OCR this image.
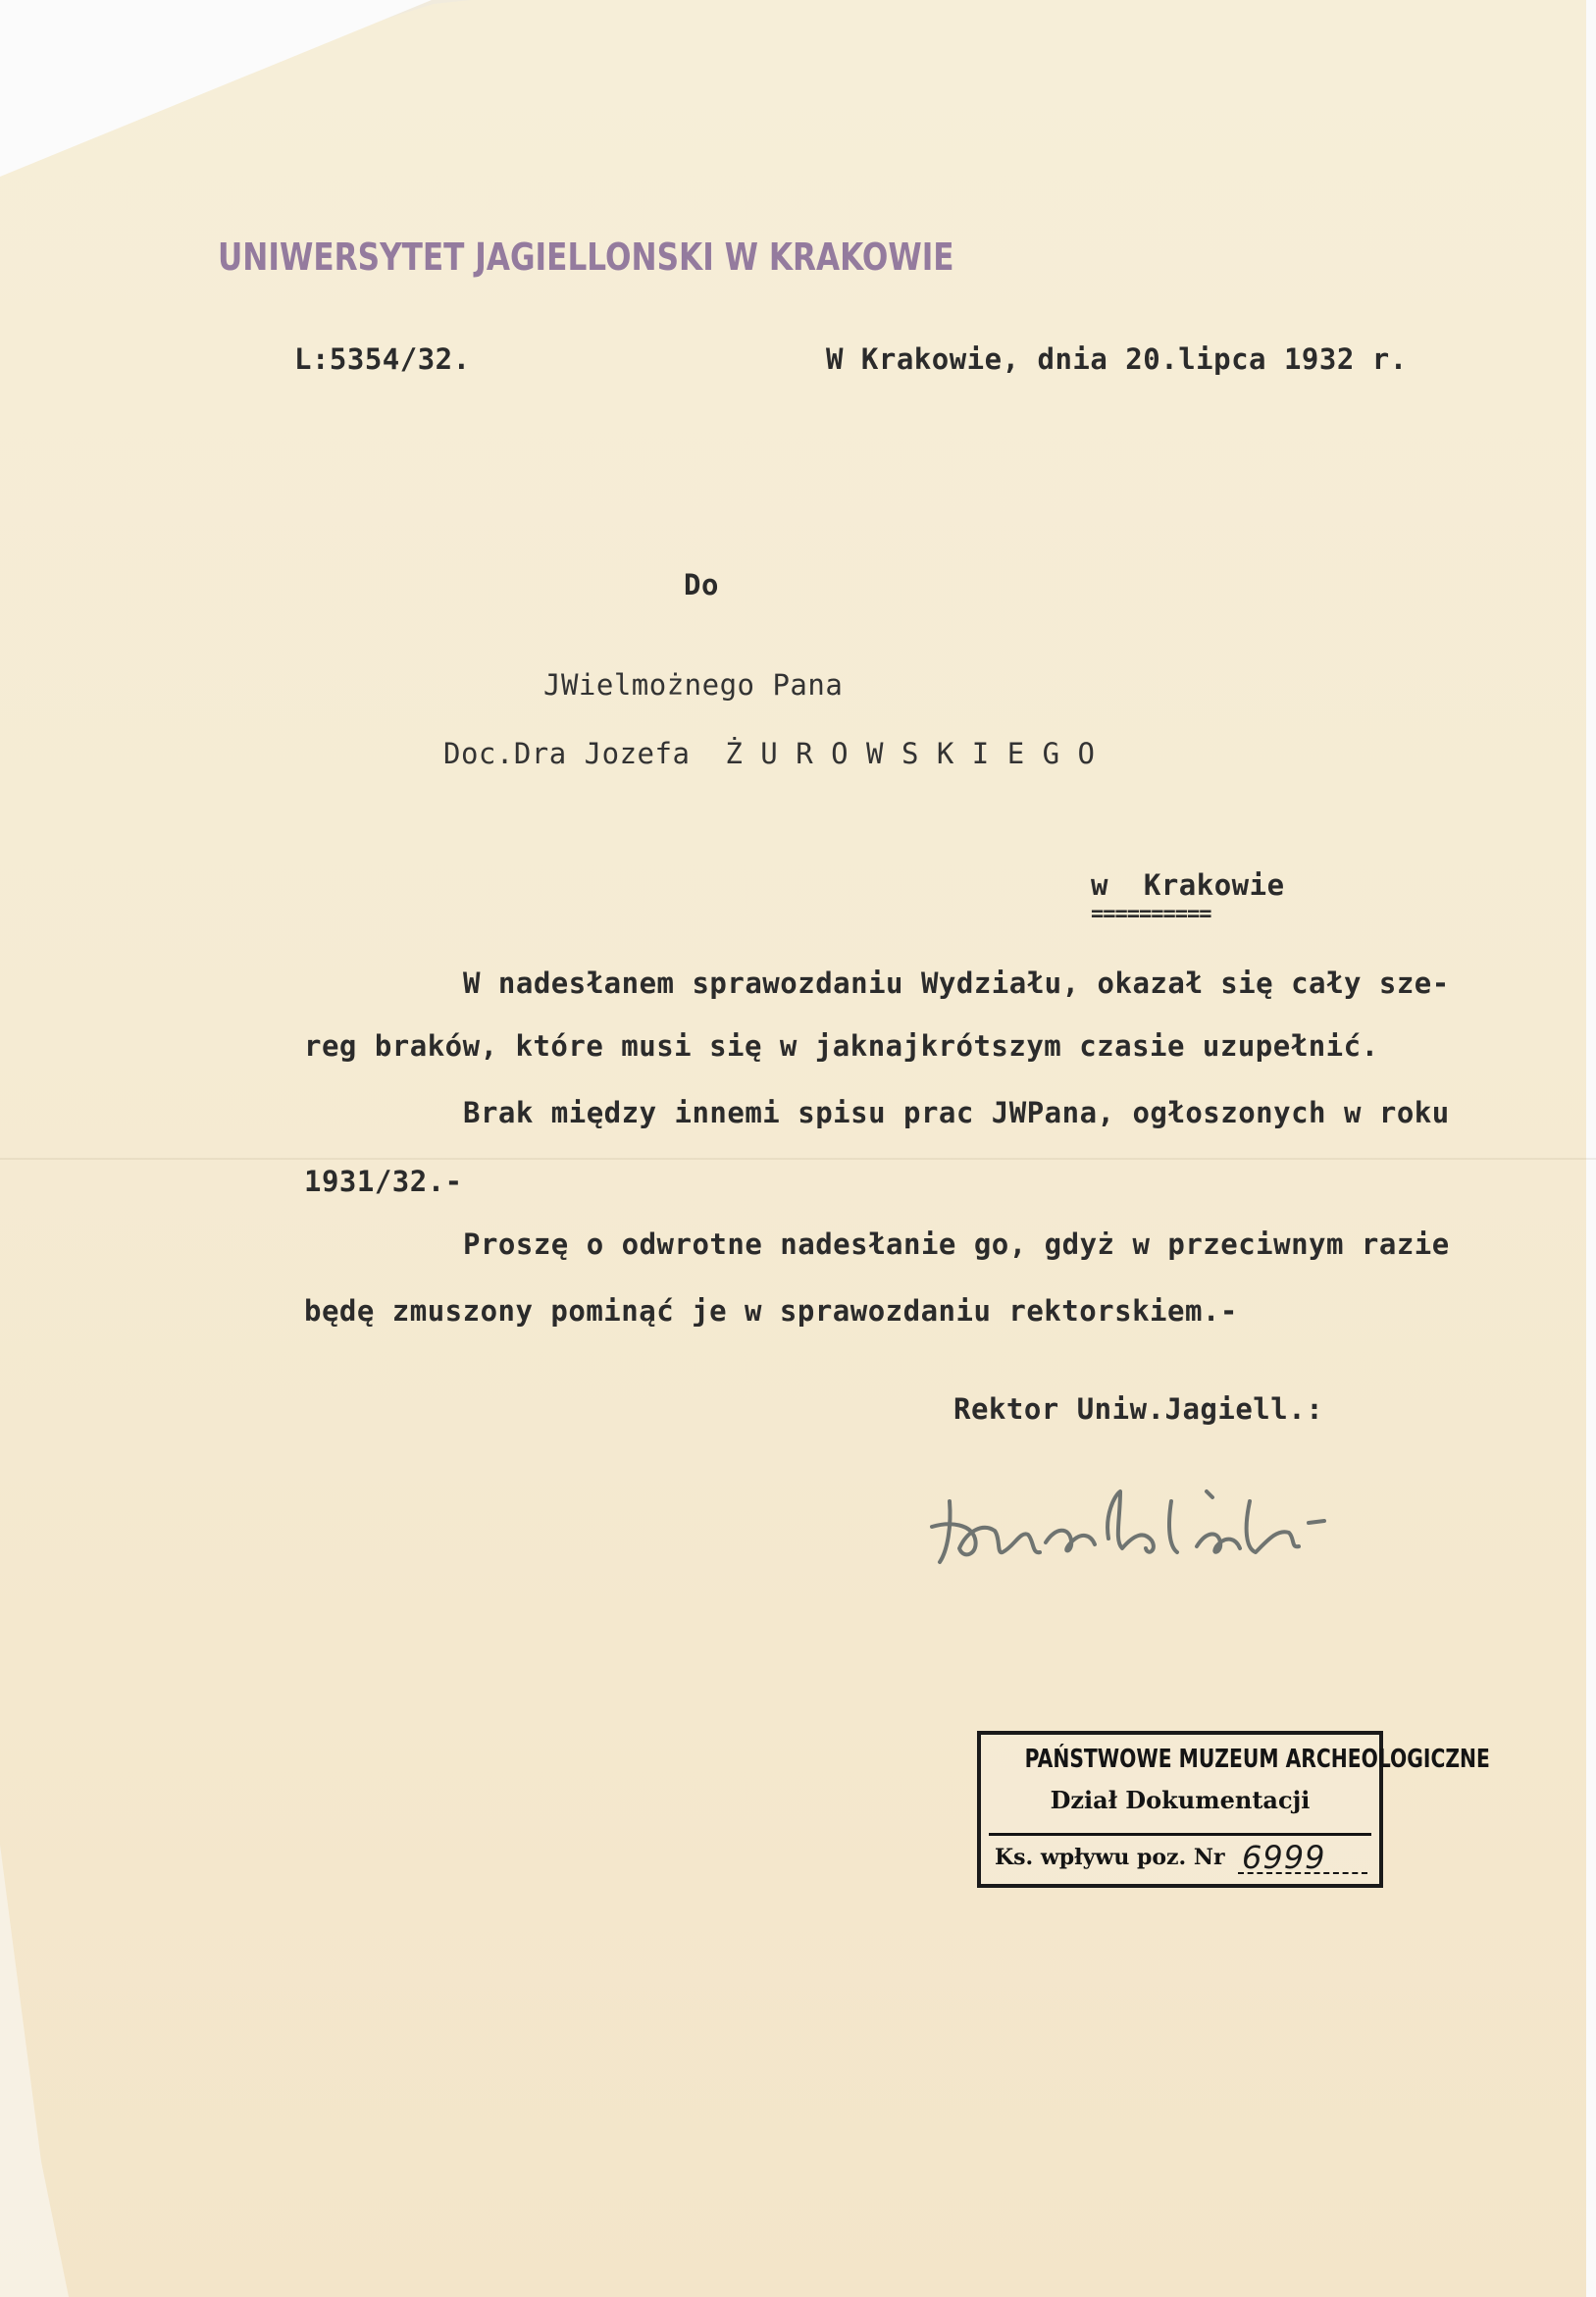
UNIWERSYTET JAGIELLONSKI W KRAKOWIE
L:5354/32.	W Krakowie, dnia 20.lipca 1932 r.
Do
JWielmożnego Pana
Doc.Dra Jozefa  Ż U R O W S K I E G O
w  Krakowie
==========
W nadesłanem sprawozdaniu Wydziału, okazał się cały sze-
reg braków, które musi się w jaknajkrótszym czasie uzupełnić.
Brak między innemi spisu prac JWPana, ogłoszonych w roku
1931/32.-
Proszę o odwrotne nadesłanie go, gdyż w przeciwnym razie
będę zmuszony pominąć je w sprawozdaniu rektorskiem.-
Rektor Uniw.Jagiell.:
PAŃSTWOWE MUZEUM ARCHEOLOGICZNE
Dział Dokumentacji
Ks. wpływu poz. Nr 6999
